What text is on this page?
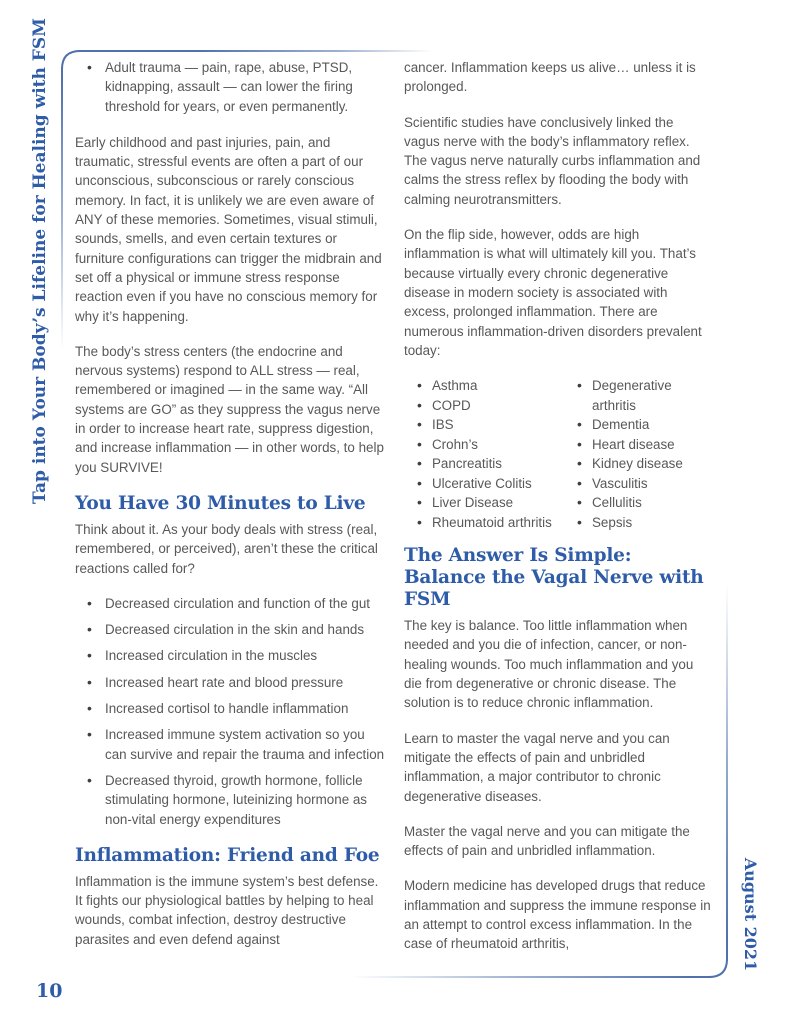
Tap into Your Body’s Lifeline for Healing with FSM
August 2021
10
• Adult trauma — pain, rape, abuse, PTSD, kidnapping, assault — can lower the firing threshold for years, or even permanently.

Early childhood and past injuries, pain, and traumatic, stressful events are often a part of our unconscious, subconscious or rarely conscious memory. In fact, it is unlikely we are even aware of ANY of these memories. Sometimes, visual stimuli, sounds, smells, and even certain textures or furniture configurations can trigger the midbrain and set off a physical or immune stress response reaction even if you have no conscious memory for why it’s happening.

The body’s stress centers (the endocrine and nervous systems) respond to ALL stress — real, remembered or imagined — in the same way. “All systems are GO” as they suppress the vagus nerve in order to increase heart rate, suppress digestion, and increase inflammation — in other words, to help you SURVIVE!

You Have 30 Minutes to Live

Think about it. As your body deals with stress (real, remembered, or perceived), aren’t these the critical reactions called for?

• Decreased circulation and function of the gut
• Decreased circulation in the skin and hands
• Increased circulation in the muscles
• Increased heart rate and blood pressure
• Increased cortisol to handle inflammation
• Increased immune system activation so you can survive and repair the trauma and infection
• Decreased thyroid, growth hormone, follicle stimulating hormone, luteinizing hormone as non-vital energy expenditures
Inflammation: Friend and Foe

Inflammation is the immune system’s best defense. It fights our physiological battles by helping to heal wounds, combat infection, destroy destructive parasites and even defend against

cancer. Inflammation keeps us alive… unless it is prolonged.

Scientific studies have conclusively linked the vagus nerve with the body’s inflammatory reflex. The vagus nerve naturally curbs inflammation and calms the stress reflex by flooding the body with calming neurotransmitters.

On the flip side, however, odds are high inflammation is what will ultimately kill you. That’s because virtually every chronic degenerative disease in modern society is associated with excess, prolonged inflammation. There are numerous inflammation-driven disorders prevalent today:

• Asthma
• COPD
• IBS
• Crohn’s
• Pancreatitis
• Ulcerative Colitis
• Liver Disease
• Rheumatoid arthritis
• Degenerative arthritis
• Dementia
• Heart disease
• Kidney disease
• Vasculitis
• Cellulitis
• Sepsis
The Answer Is Simple: Balance the Vagal Nerve with FSM

The key is balance. Too little inflammation when needed and you die of infection, cancer, or non-healing wounds. Too much inflammation and you die from degenerative or chronic disease. The solution is to reduce chronic inflammation.

Learn to master the vagal nerve and you can mitigate the effects of pain and unbridled inflammation, a major contributor to chronic degenerative diseases.

Master the vagal nerve and you can mitigate the effects of pain and unbridled inflammation.

Modern medicine has developed drugs that reduce inflammation and suppress the immune response in an attempt to control excess inflammation. In the case of rheumatoid arthritis,
